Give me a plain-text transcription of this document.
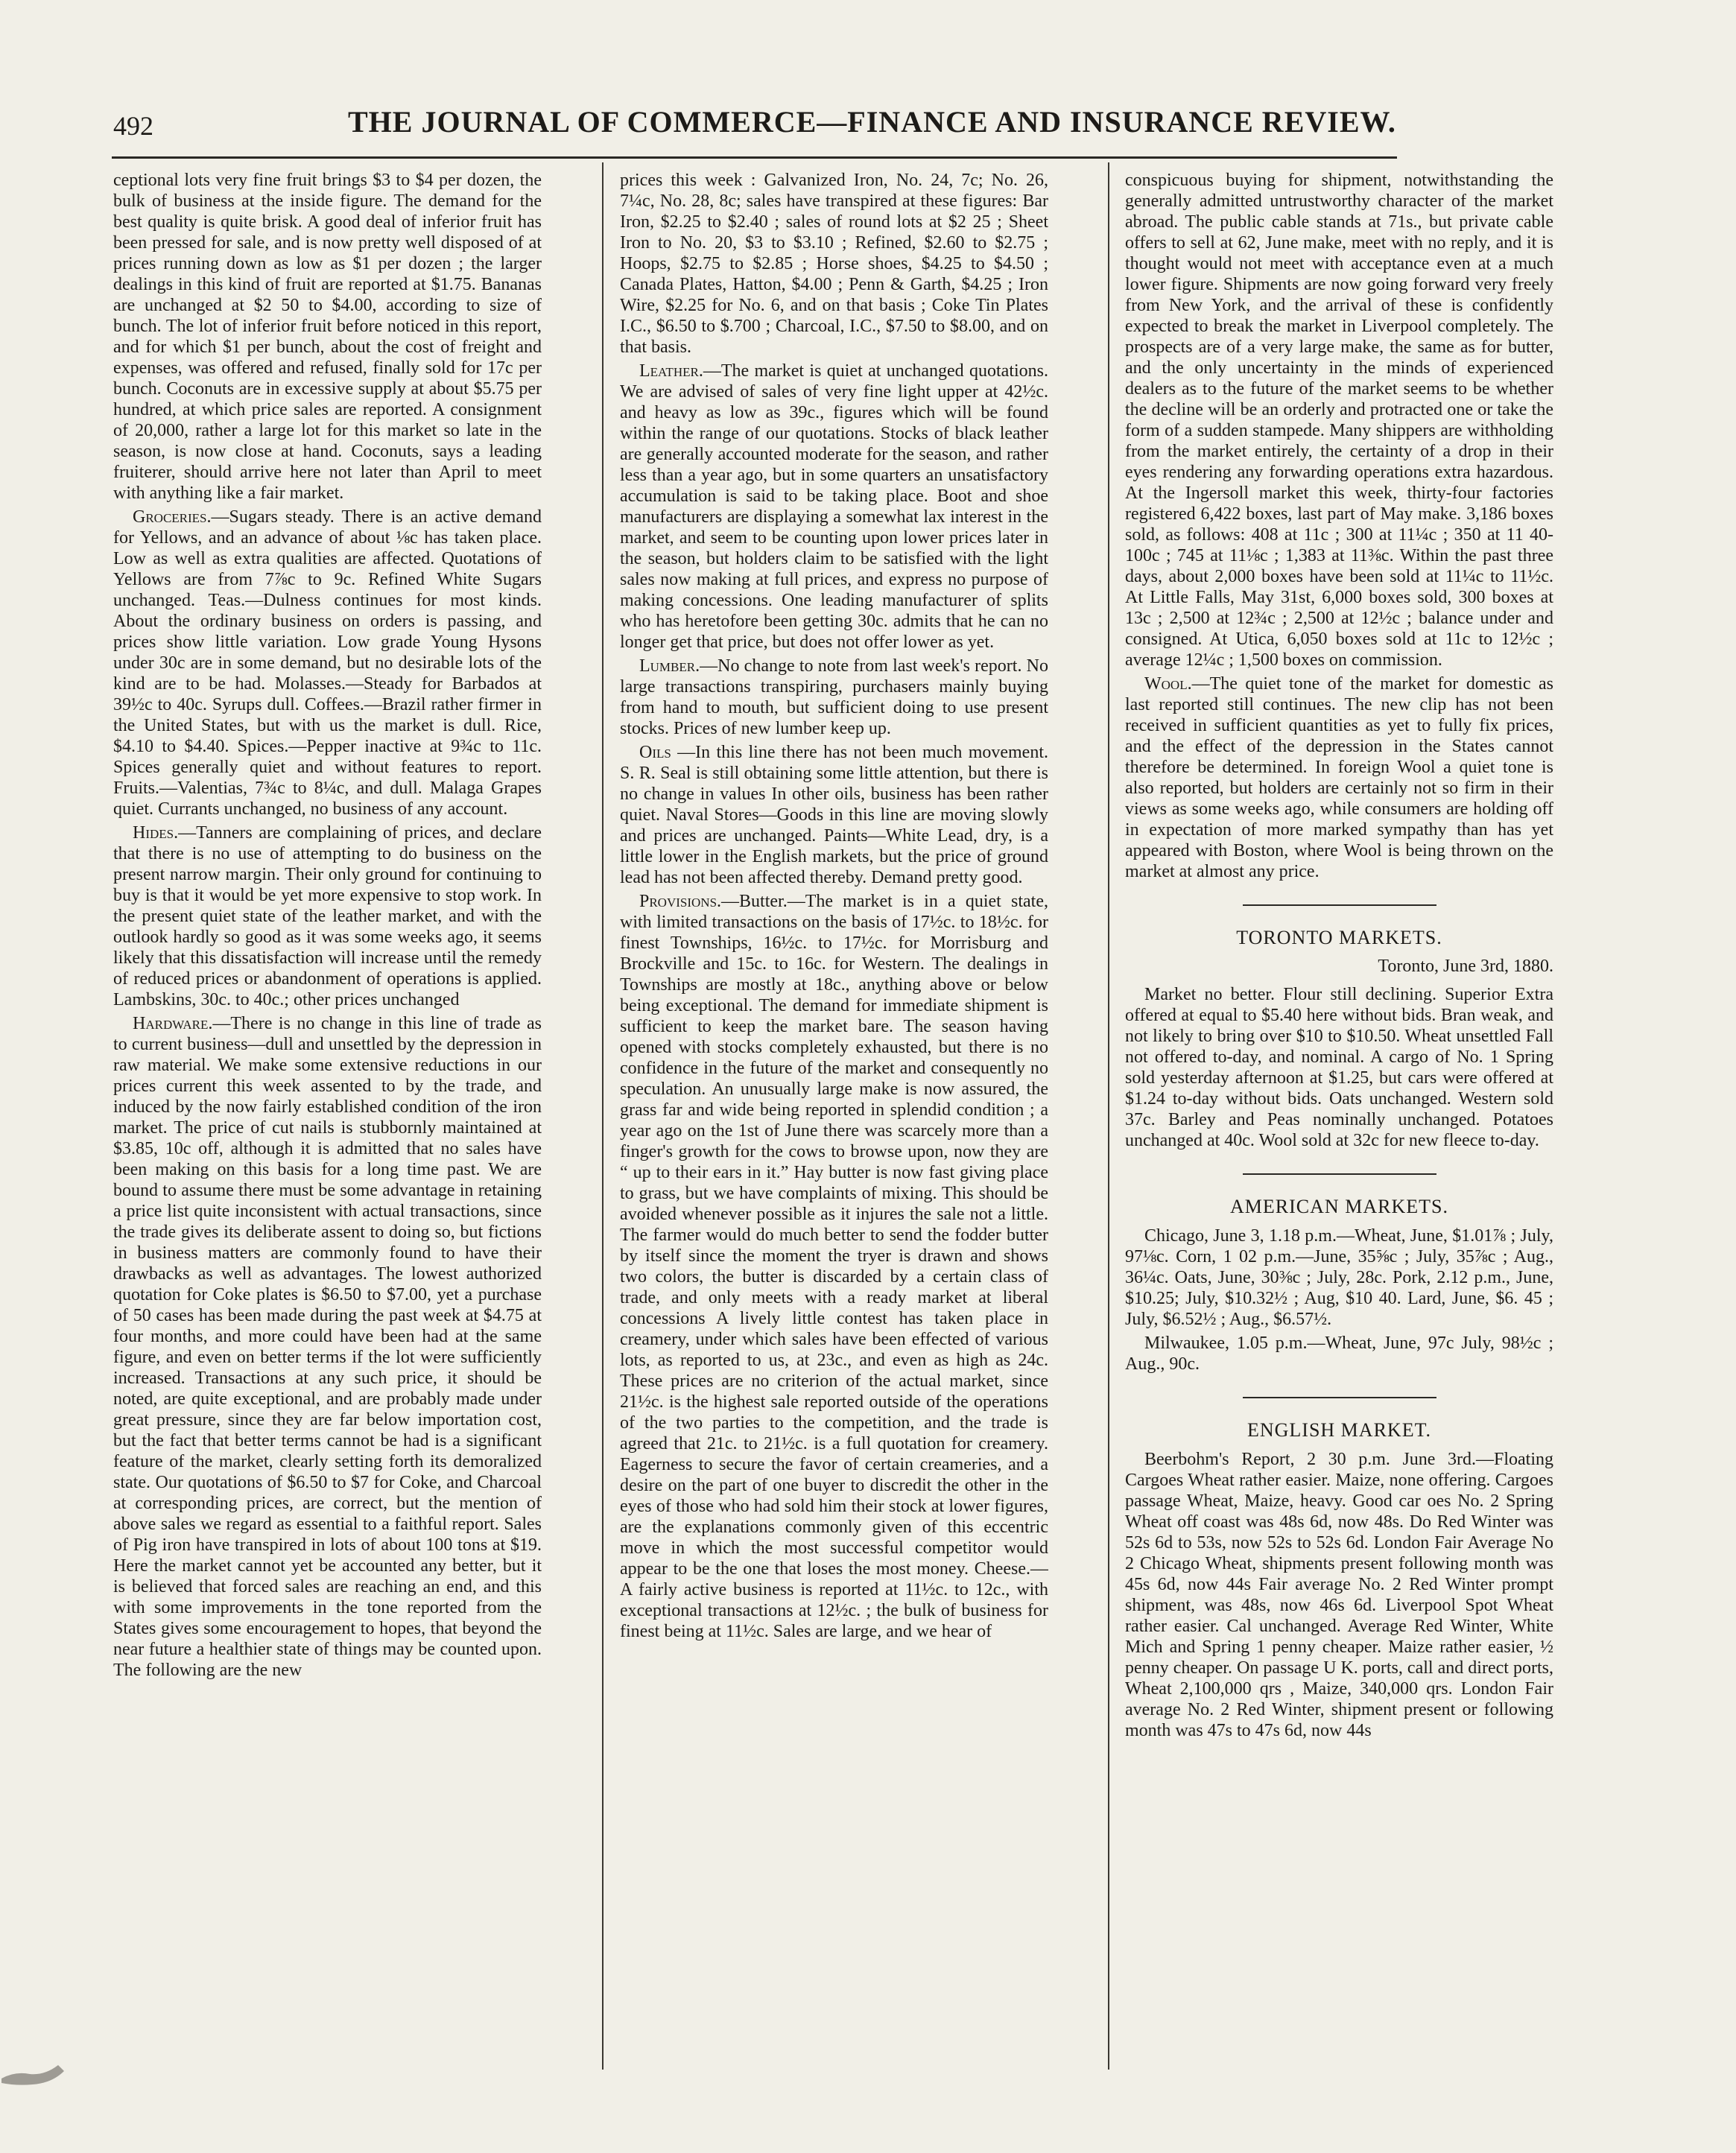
492	THE JOURNAL OF COMMERCE—FINANCE AND INSURANCE REVIEW.

ceptional lots very fine fruit brings $3 to $4 per dozen, the bulk of business at the inside figure. The demand for the best quality is quite brisk. A good deal of inferior fruit has been pressed for sale, and is now pretty well disposed of at prices running down as low as $1 per dozen ; the larger dealings in this kind of fruit are reported at $1.75. Bananas are unchanged at $2 50 to $4.00, according to size of bunch. The lot of inferior fruit before noticed in this report, and for which $1 per bunch, about the cost of freight and expenses, was offered and refused, finally sold for 17c per bunch. Coconuts are in excessive supply at about $5.75 per hundred, at which price sales are reported. A consignment of 20,000, rather a large lot for this market so late in the season, is now close at hand. Coconuts, says a leading fruiterer, should arrive here not later than April to meet with anything like a fair market.

Groceries.—Sugars steady. There is an active demand for Yellows, and an advance of about ⅛c has taken place. Low as well as extra qualities are affected. Quotations of Yellows are from 7⅞c to 9c. Refined White Sugars unchanged. Teas.—Dulness continues for most kinds. About the ordinary business on orders is passing, and prices show little variation. Low grade Young Hysons under 30c are in some demand, but no desirable lots of the kind are to be had. Molasses.—Steady for Barbados at 39½c to 40c. Syrups dull. Coffees.—Brazil rather firmer in the United States, but with us the market is dull. Rice, $4.10 to $4.40. Spices.—Pepper inactive at 9¾c to 11c. Spices generally quiet and without features to report. Fruits.—Valentias, 7¾c to 8¼c, and dull. Malaga Grapes quiet. Currants unchanged, no business of any account.

Hides.—Tanners are complaining of prices, and declare that there is no use of attempting to do business on the present narrow margin. Their only ground for continuing to buy is that it would be yet more expensive to stop work. In the present quiet state of the leather market, and with the outlook hardly so good as it was some weeks ago, it seems likely that this dissatisfaction will increase until the remedy of reduced prices or abandonment of operations is applied. Lambskins, 30c. to 40c.; other prices unchanged

Hardware.—There is no change in this line of trade as to current business—dull and unsettled by the depression in raw material. We make some extensive reductions in our prices current this week assented to by the trade, and induced by the now fairly established condition of the iron market. The price of cut nails is stubbornly maintained at $3.85, 10c off, although it is admitted that no sales have been making on this basis for a long time past. We are bound to assume there must be some advantage in retaining a price list quite inconsistent with actual transactions, since the trade gives its deliberate assent to doing so, but fictions in business matters are commonly found to have their drawbacks as well as advantages. The lowest authorized quotation for Coke plates is $6.50 to $7.00, yet a purchase of 50 cases has been made during the past week at $4.75 at four months, and more could have been had at the same figure, and even on better terms if the lot were sufficiently increased. Transactions at any such price, it should be noted, are quite exceptional, and are probably made under great pressure, since they are far below importation cost, but the fact that better terms cannot be had is a significant feature of the market, clearly setting forth its demoralized state. Our quotations of $6.50 to $7 for Coke, and Charcoal at corresponding prices, are correct, but the mention of above sales we regard as essential to a faithful report. Sales of Pig iron have transpired in lots of about 100 tons at $19. Here the market cannot yet be accounted any better, but it is believed that forced sales are reaching an end, and this with some improvements in the tone reported from the States gives some encouragement to hopes, that beyond the near future a healthier state of things may be counted upon. The following are the new

prices this week : Galvanized Iron, No. 24, 7c; No. 26, 7¼c, No. 28, 8c; sales have transpired at these figures: Bar Iron, $2.25 to $2.40 ; sales of round lots at $2 25 ; Sheet Iron to No. 20, $3 to $3.10 ; Refined, $2.60 to $2.75 ; Hoops, $2.75 to $2.85 ; Horse shoes, $4.25 to $4.50 ; Canada Plates, Hatton, $4.00 ; Penn & Garth, $4.25 ; Iron Wire, $2.25 for No. 6, and on that basis ; Coke Tin Plates I.C., $6.50 to $.700 ; Charcoal, I.C., $7.50 to $8.00, and on that basis.

Leather.—The market is quiet at unchanged quotations. We are advised of sales of very fine light upper at 42½c. and heavy as low as 39c., figures which will be found within the range of our quotations. Stocks of black leather are generally accounted moderate for the season, and rather less than a year ago, but in some quarters an unsatisfactory accumulation is said to be taking place. Boot and shoe manufacturers are displaying a somewhat lax interest in the market, and seem to be counting upon lower prices later in the season, but holders claim to be satisfied with the light sales now making at full prices, and express no purpose of making concessions. One leading manufacturer of splits who has heretofore been getting 30c. admits that he can no longer get that price, but does not offer lower as yet.

Lumber.—No change to note from last week's report. No large transactions transpiring, purchasers mainly buying from hand to mouth, but sufficient doing to use present stocks. Prices of new lumber keep up.

Oils —In this line there has not been much movement. S. R. Seal is still obtaining some little attention, but there is no change in values In other oils, business has been rather quiet. Naval Stores—Goods in this line are moving slowly and prices are unchanged. Paints—White Lead, dry, is a little lower in the English markets, but the price of ground lead has not been affected thereby. Demand pretty good.

Provisions.—Butter.—The market is in a quiet state, with limited transactions on the basis of 17½c. to 18½c. for finest Townships, 16½c. to 17½c. for Morrisburg and Brockville and 15c. to 16c. for Western. The dealings in Townships are mostly at 18c., anything above or below being exceptional. The demand for immediate shipment is sufficient to keep the market bare. The season having opened with stocks completely exhausted, but there is no confidence in the future of the market and consequently no speculation. An unusually large make is now assured, the grass far and wide being reported in splendid condition ; a year ago on the 1st of June there was scarcely more than a finger's growth for the cows to browse upon, now they are “ up to their ears in it.” Hay butter is now fast giving place to grass, but we have complaints of mixing. This should be avoided whenever possible as it injures the sale not a little. The farmer would do much better to send the fodder butter by itself since the moment the tryer is drawn and shows two colors, the butter is discarded by a certain class of trade, and only meets with a ready market at liberal concessions A lively little contest has taken place in creamery, under which sales have been effected of various lots, as reported to us, at 23c., and even as high as 24c. These prices are no criterion of the actual market, since 21½c. is the highest sale reported outside of the operations of the two parties to the competition, and the trade is agreed that 21c. to 21½c. is a full quotation for creamery. Eagerness to secure the favor of certain creameries, and a desire on the part of one buyer to discredit the other in the eyes of those who had sold him their stock at lower figures, are the explanations commonly given of this eccentric move in which the most successful competitor would appear to be the one that loses the most money. Cheese.—A fairly active business is reported at 11½c. to 12c., with exceptional transactions at 12½c. ; the bulk of business for finest being at 11½c. Sales are large, and we hear of

conspicuous buying for shipment, notwithstanding the generally admitted untrustworthy character of the market abroad. The public cable stands at 71s., but private cable offers to sell at 62, June make, meet with no reply, and it is thought would not meet with acceptance even at a much lower figure. Shipments are now going forward very freely from New York, and the arrival of these is confidently expected to break the market in Liverpool completely. The prospects are of a very large make, the same as for butter, and the only uncertainty in the minds of experienced dealers as to the future of the market seems to be whether the decline will be an orderly and protracted one or take the form of a sudden stampede. Many shippers are withholding from the market entirely, the certainty of a drop in their eyes rendering any forwarding operations extra hazardous. At the Ingersoll market this week, thirty-four factories registered 6,422 boxes, last part of May make. 3,186 boxes sold, as follows: 408 at 11c ; 300 at 11¼c ; 350 at 11 40-100c ; 745 at 11⅛c ; 1,383 at 11⅜c. Within the past three days, about 2,000 boxes have been sold at 11¼c to 11½c. At Little Falls, May 31st, 6,000 boxes sold, 300 boxes at 13c ; 2,500 at 12¾c ; 2,500 at 12½c ; balance under and consigned. At Utica, 6,050 boxes sold at 11c to 12½c ; average 12¼c ; 1,500 boxes on commission.

Wool.—The quiet tone of the market for domestic as last reported still continues. The new clip has not been received in sufficient quantities as yet to fully fix prices, and the effect of the depression in the States cannot therefore be determined. In foreign Wool a quiet tone is also reported, but holders are certainly not so firm in their views as some weeks ago, while consumers are holding off in expectation of more marked sympathy than has yet appeared with Boston, where Wool is being thrown on the market at almost any price.

TORONTO MARKETS.
Toronto, June 3rd, 1880.

Market no better. Flour still declining. Superior Extra offered at equal to $5.40 here without bids. Bran weak, and not likely to bring over $10 to $10.50. Wheat unsettled Fall not offered to-day, and nominal. A cargo of No. 1 Spring sold yesterday afternoon at $1.25, but cars were offered at $1.24 to-day without bids. Oats unchanged. Western sold 37c. Barley and Peas nominally unchanged. Potatoes unchanged at 40c. Wool sold at 32c for new fleece to-day.

AMERICAN MARKETS.

Chicago, June 3, 1.18 p.m.—Wheat, June, $1.01⅞ ; July, 97⅛c. Corn, 1 02 p.m.—June, 35⅝c ; July, 35⅞c ; Aug., 36¼c. Oats, June, 30⅜c ; July, 28c. Pork, 2.12 p.m., June, $10.25; July, $10.32½ ; Aug, $10 40. Lard, June, $6. 45 ; July, $6.52½ ; Aug., $6.57½.

Milwaukee, 1.05 p.m.—Wheat, June, 97c July, 98½c ; Aug., 90c.

ENGLISH MARKET.

Beerbohm's Report, 2 30 p.m. June 3rd.—Floating Cargoes Wheat rather easier. Maize, none offering. Cargoes passage Wheat, Maize, heavy. Good car oes No. 2 Spring Wheat off coast was 48s 6d, now 48s. Do Red Winter was 52s 6d to 53s, now 52s to 52s 6d. London Fair Average No 2 Chicago Wheat, shipments present following month was 45s 6d, now 44s Fair average No. 2 Red Winter prompt shipment, was 48s, now 46s 6d. Liverpool Spot Wheat rather easier. Cal unchanged. Average Red Winter, White Mich and Spring 1 penny cheaper. Maize rather easier, ½ penny cheaper. On passage U K. ports, call and direct ports, Wheat 2,100,000 qrs , Maize, 340,000 qrs. London Fair average No. 2 Red Winter, shipment present or following month was 47s to 47s 6d, now 44s
